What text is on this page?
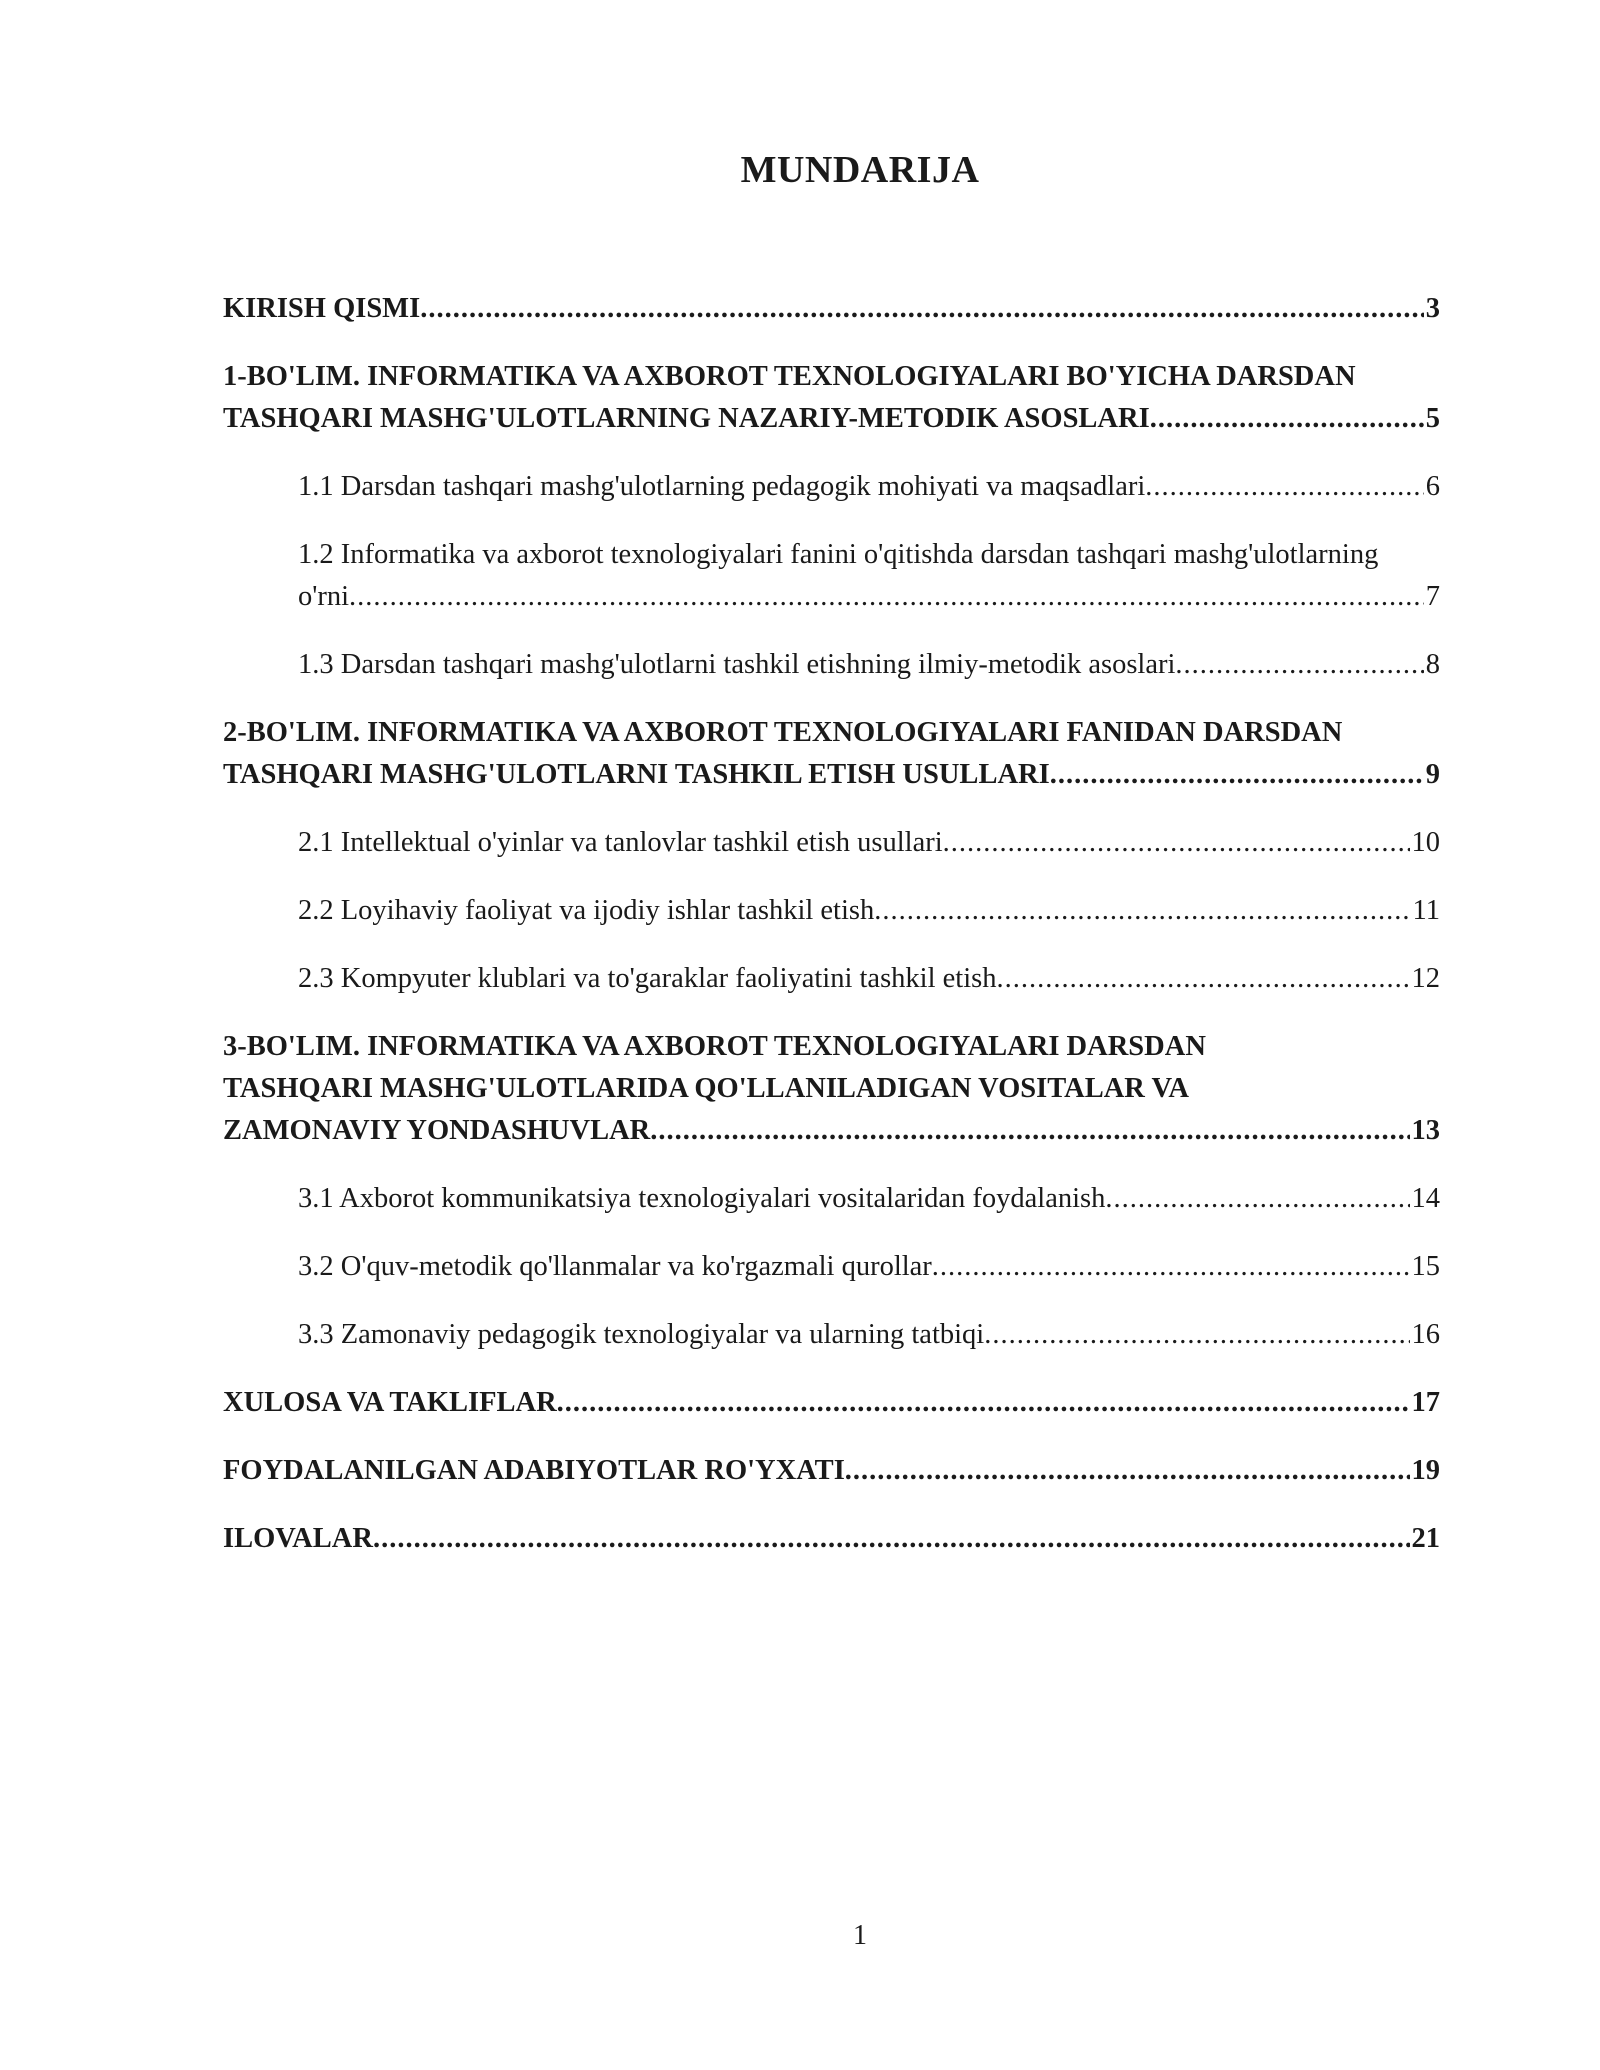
MUNDARIJA
KIRISH QISMI .....	3
1-BO'LIM. INFORMATIKA VA AXBOROT TEXNOLOGIYALARI BO'YICHA DARSDAN
TASHQARI MASHG'ULOTLARNING NAZARIY-METODIK ASOSLARI .....	5
1.1 Darsdan tashqari mashg'ulotlarning pedagogik mohiyati va maqsadlari .....	6
1.2 Informatika va axborot texnologiyalari fanini o'qitishda darsdan tashqari mashg'ulotlarning
o'rni .....	7
1.3 Darsdan tashqari mashg'ulotlarni tashkil etishning ilmiy-metodik asoslari .....	8
2-BO'LIM. INFORMATIKA VA AXBOROT TEXNOLOGIYALARI FANIDAN DARSDAN
TASHQARI MASHG'ULOTLARNI TASHKIL ETISH USULLARI .....	9
2.1 Intellektual o'yinlar va tanlovlar tashkil etish usullari .....	10
2.2 Loyihaviy faoliyat va ijodiy ishlar tashkil etish .....	11
2.3 Kompyuter klublari va to'garaklar faoliyatini tashkil etish .....	12
3-BO'LIM. INFORMATIKA VA AXBOROT TEXNOLOGIYALARI DARSDAN
TASHQARI MASHG'ULOTLARIDA QO'LLANILADIGAN VOSITALAR VA
ZAMONAVIY YONDASHUVLAR .....	13
3.1 Axborot kommunikatsiya texnologiyalari vositalaridan foydalanish .....	14
3.2 O'quv-metodik qo'llanmalar va ko'rgazmali qurollar .....	15
3.3 Zamonaviy pedagogik texnologiyalar va ularning tatbiqi .....	16
XULOSA VA TAKLIFLAR .....	17
FOYDALANILGAN ADABIYOTLAR RO'YXATI .....	19
ILOVALAR .....	21
1
